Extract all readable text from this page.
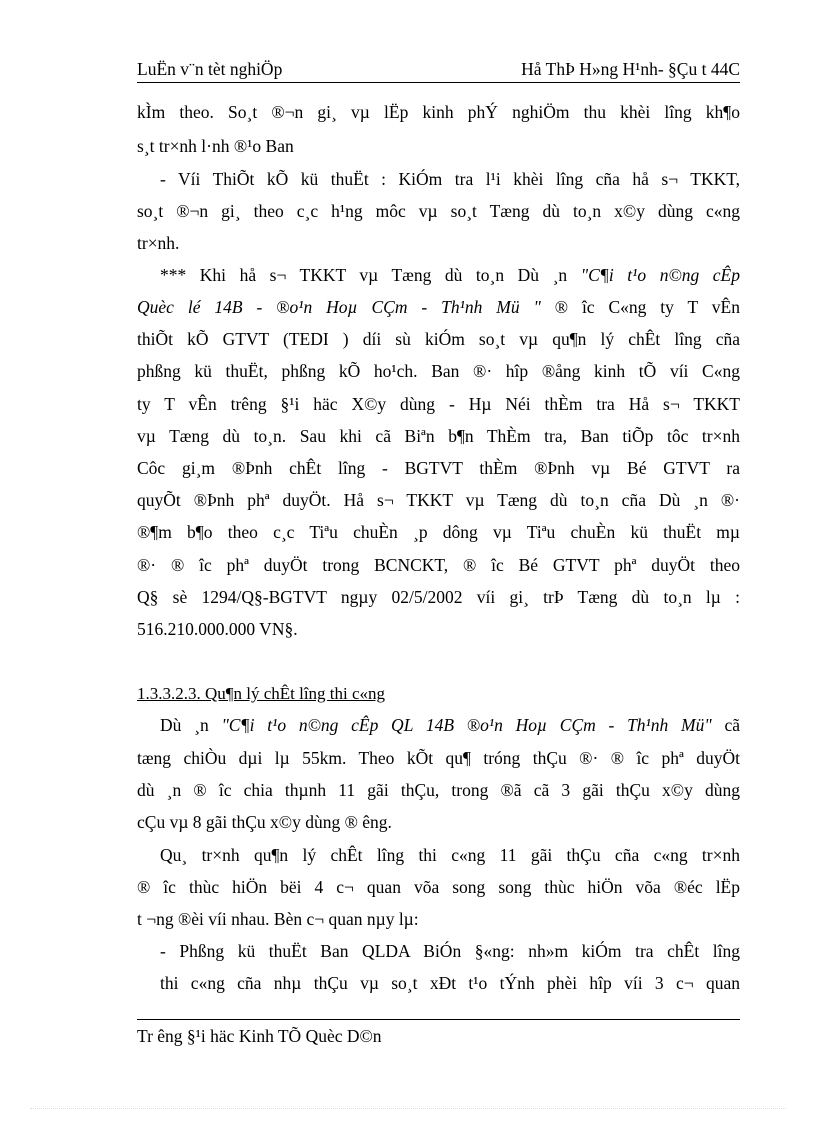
LuËn v¨n tèt nghiÖp	Hå ThÞ H»ng H¹nh- §Çu t 44C
kÌm theo. So¸t ®¬n gi¸ vµ lËp kinh phÝ nghiÖm thu khèi lîng kh¶o
s¸t tr×nh l·nh ®¹o Ban
- Víi ThiÕt kÕ kü thuËt : KiÓm tra l¹i khèi lîng cña hå s¬ TKKT,
so¸t ®¬n gi¸ theo c¸c h¹ng môc vµ so¸t Tæng dù to¸n x©y dùng c«ng
tr×nh.
*** Khi hå s¬ TKKT vµ Tæng dù to¸n Dù ¸n "C¶i t¹o n©ng cÊp
Quèc lé 14B - ®o¹n Hoµ CÇm - Th¹nh Mü " ® îc C«ng ty T vÊn
thiÕt kÕ GTVT (TEDI ) díi sù kiÓm so¸t vµ qu¶n lý chÊt lîng cña
phßng kü thuËt, phßng kÕ ho¹ch. Ban ®· hîp ®ång kinh tÕ víi C«ng
ty T vÊn trêng §¹i häc X©y dùng - Hµ Néi thÈm tra Hå s¬ TKKT
vµ Tæng dù to¸n. Sau khi cã Biªn b¶n ThÈm tra, Ban tiÕp tôc tr×nh
Côc gi¸m ®Þnh chÊt lîng - BGTVT thÈm ®Þnh vµ Bé GTVT ra
quyÕt ®Þnh phª duyÖt. Hå s¬ TKKT vµ Tæng dù to¸n cña Dù ¸n ®·
®¶m b¶o theo c¸c Tiªu chuÈn ¸p dông vµ Tiªu chuÈn kü thuËt mµ
®· ® îc phª duyÖt trong BCNCKT, ® îc Bé GTVT phª duyÖt theo
Q§ sè 1294/Q§-BGTVT ngµy 02/5/2002 víi gi¸ trÞ Tæng dù to¸n lµ :
516.210.000.000 VN§.
1.3.3.2.3. Qu¶n lý chÊt lîng thi c«ng
Dù ¸n "C¶i t¹o n©ng cÊp QL 14B ®o¹n Hoµ CÇm - Th¹nh Mü" cã
tæng chiÒu dµi lµ 55km. Theo kÕt qu¶ tróng thÇu ®· ® îc phª duyÖt
dù ¸n ® îc chia thµnh 11 gãi thÇu, trong ®ã cã 3 gãi thÇu x©y dùng
cÇu vµ 8 gãi thÇu x©y dùng ® êng.
Qu¸ tr×nh qu¶n lý chÊt lîng thi c«ng 11 gãi thÇu cña c«ng tr×nh
® îc thùc hiÖn bëi 4 c¬ quan võa song song thùc hiÖn võa ®éc lËp
t ¬ng ®èi víi nhau. Bèn c¬ quan nµy lµ:
- Phßng kü thuËt Ban QLDA BiÓn §«ng: nh»m kiÓm tra chÊt lîng
thi c«ng cña nhµ thÇu vµ so¸t xÐt t¹o tÝnh phèi hîp víi 3 c¬ quan
Tr êng §¹i häc Kinh TÕ Quèc D©n
